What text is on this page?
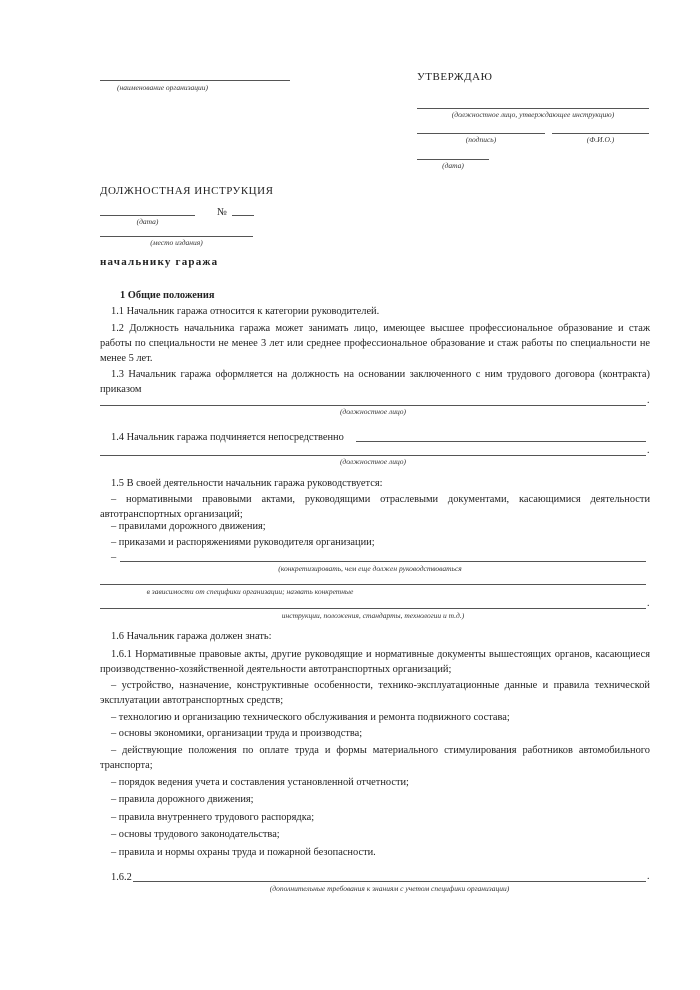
(наименование организации)
УТВЕРЖДАЮ
(должностное лицо, утверждающее инструкцию)
(подпись)	(Ф.И.О.)
(дата)
ДОЛЖНОСТНАЯ ИНСТРУКЦИЯ
(дата)
№
(место издания)
начальнику гаража
1 Общие положения
1.1 Начальник гаража относится к категории руководителей.
1.2 Должность начальника гаража может занимать лицо, имеющее высшее профессиональное образование и стаж работы по специальности не менее 3 лет или среднее профессиональное образование и стаж работы по специальности не менее 5 лет.
1.3 Начальник гаража оформляется на должность на основании заключенного с ним трудового договора (контракта) приказом
.
(должностное лицо)
1.4 Начальник гаража подчиняется непосредственно
.
(должностное лицо)
1.5 В своей деятельности начальник гаража руководствуется:
– нормативными правовыми актами, руководящими отраслевыми документами, касающимися деятельности автотранспортных организаций;
– правилами дорожного движения;
– приказами и распоряжениями руководителя организации;
–
(конкретизировать, чем еще должен руководствоваться
в зависимости от специфики организации; назвать конкретные
.
инструкции, положения, стандарты, технологии и т.д.)
1.6 Начальник гаража должен знать:
1.6.1 Нормативные правовые акты, другие руководящие и нормативные документы вышестоящих органов, касающиеся производственно-хозяйственной деятельности автотранспортных организаций;
– устройство, назначение, конструктивные особенности, технико-эксплуатационные данные и правила технической эксплуатации автотранспортных средств;
– технологию и организацию технического обслуживания и ремонта подвижного состава;
– основы экономики, организации труда и производства;
– действующие положения по оплате труда и формы материального стимулирования работников автомобильного транспорта;
– порядок ведения учета и составления установленной отчетности;
– правила дорожного движения;
– правила внутреннего трудового распорядка;
– основы трудового законодательства;
– правила и нормы охраны труда и пожарной безопасности.
1.6.2	.
(дополнительные требования к знаниям с учетом специфики организации)
